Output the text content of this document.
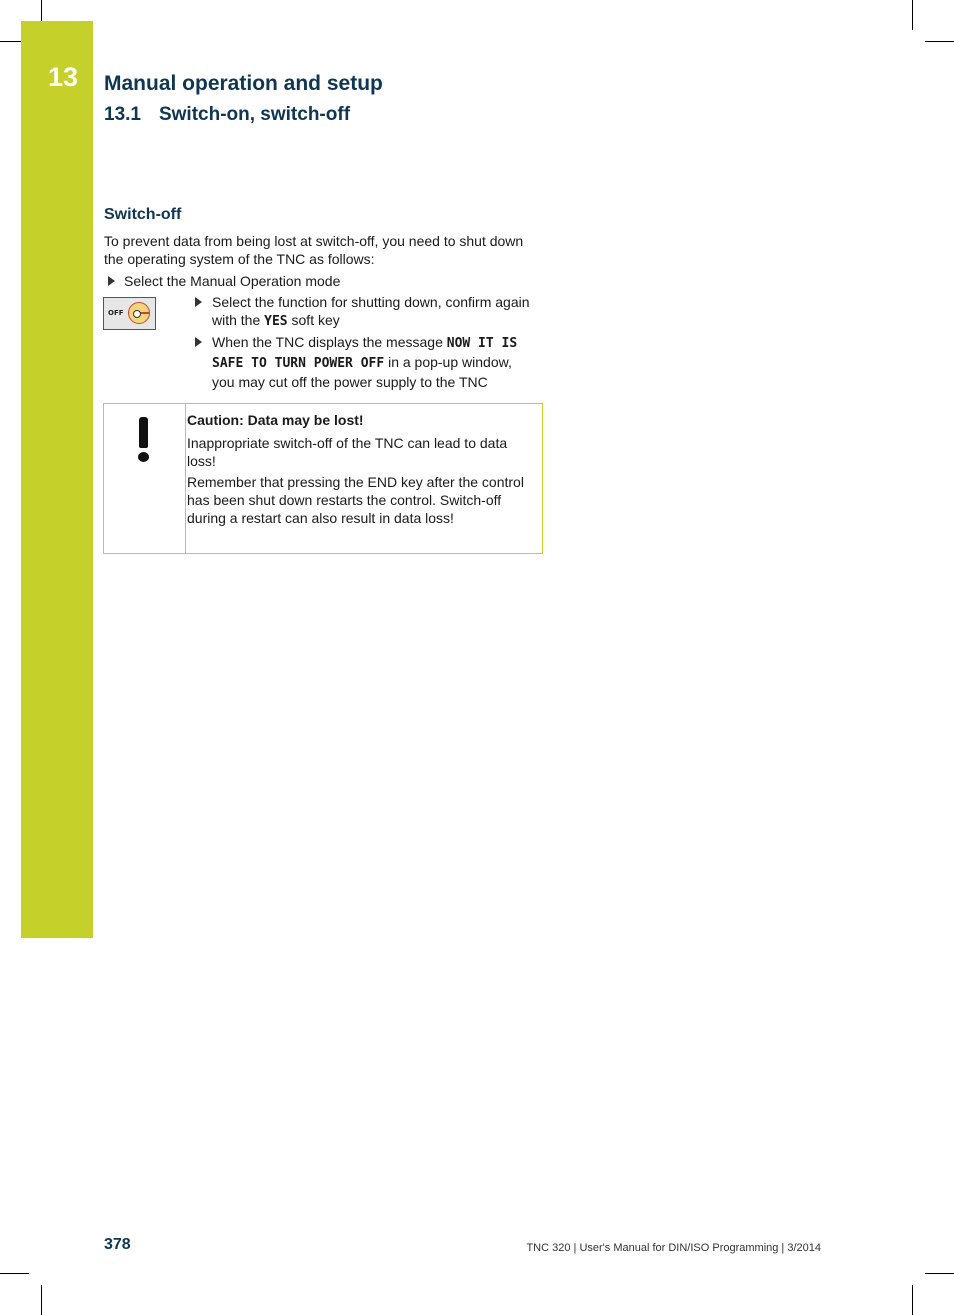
13 Manual operation and setup
13.1 Switch-on, switch-off
Switch-off
To prevent data from being lost at switch-off, you need to shut down the operating system of the TNC as follows:
Select the Manual Operation mode
OFF
Select the function for shutting down, confirm again with the YES soft key
When the TNC displays the message NOW IT IS SAFE TO TURN POWER OFF in a pop-up window, you may cut off the power supply to the TNC
Caution: Data may be lost!
Inappropriate switch-off of the TNC can lead to data loss!
Remember that pressing the END key after the control has been shut down restarts the control. Switch-off during a restart can also result in data loss!
378	TNC 320 | User's Manual for DIN/ISO Programming | 3/2014
